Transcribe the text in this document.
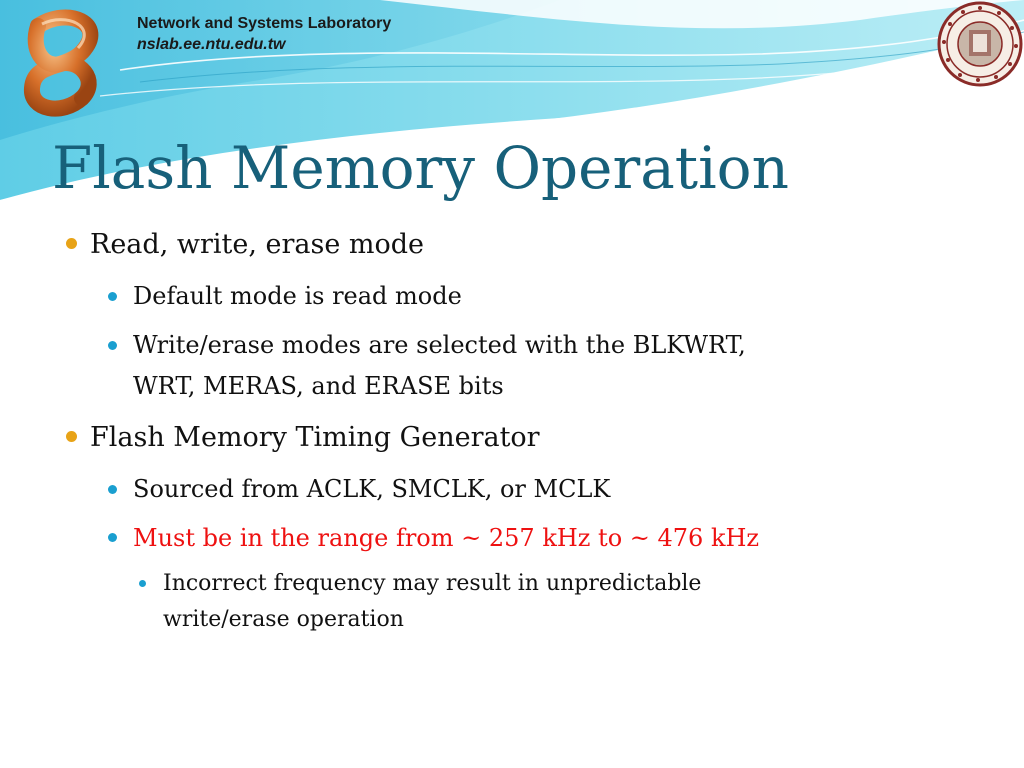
Network and Systems Laboratory
nslab.ee.ntu.edu.tw
Flash Memory Operation
Read, write, erase mode
Default mode is read mode
Write/erase modes are selected with the BLKWRT,
WRT, MERAS, and ERASE bits
Flash Memory Timing Generator
Sourced from ACLK, SMCLK, or MCLK
Must be in the range from ~ 257 kHz to ~ 476 kHz
Incorrect frequency may result in unpredictable
write/erase operation
